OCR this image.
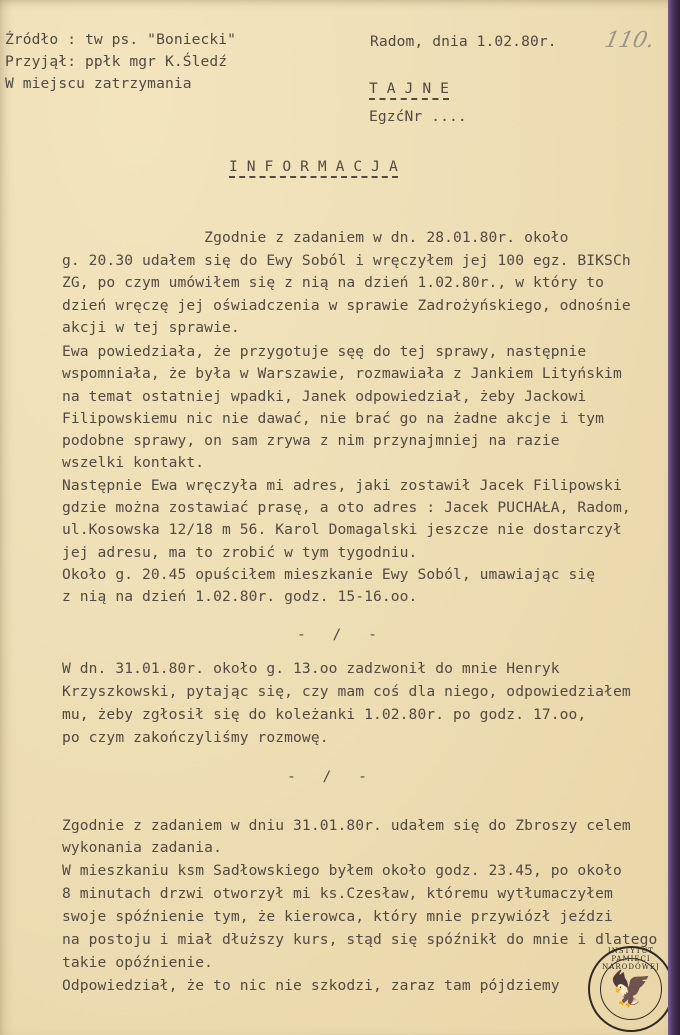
Źródło : tw ps. "Boniecki"
Przyjął: ppłk mgr K.Śledź
W miejscu zatrzymania
Radom, dnia 1.02.80r. 110.
T A J N E
EgzćNr ....
I N F O R M A C J A
Zgodnie z zadaniem w dn. 28.01.80r. około
g. 20.30 udałem się do Ewy Soból i wręczyłem jej 100 egz. BIKSCh
ZG, po czym umówiłem się z nią na dzień 1.02.80r., w który to
dzień wręczę jej oświadczenia w sprawie Zadrożyńskiego, odnośnie
akcji w tej sprawie.
Ewa powiedziała, że przygotuje sęę do tej sprawy, następnie
wspomniała, że była w Warszawie, rozmawiała z Jankiem Lityńskim
na temat ostatniej wpadki, Janek odpowiedział, żeby Jackowi
Filipowskiemu nic nie dawać, nie brać go na żadne akcje i tym
podobne sprawy, on sam zrywa z nim przynajmniej na razie
wszelki kontakt.
Następnie Ewa wręczyła mi adres, jaki zostawił Jacek Filipowski
gdzie można zostawiać prasę, a oto adres : Jacek PUCHAŁA, Radom,
ul.Kosowska 12/18 m 56. Karol Domagalski jeszcze nie dostarczył
jej adresu, ma to zrobić w tym tygodniu.
Około g. 20.45 opuściłem mieszkanie Ewy Soból, umawiając się
z nią na dzień 1.02.80r. godz. 15-16.oo.
-   /   -
W dn. 31.01.80r. około g. 13.oo zadzwonił do mnie Henryk
Krzyszkowski, pytając się, czy mam coś dla niego, odpowiedziałem
mu, żeby zgłosił się do koleżanki 1.02.80r. po godz. 17.oo,
po czym zakończyliśmy rozmowę.
-   /   -
Zgodnie z zadaniem w dniu 31.01.80r. udałem się do Zbroszy celem
wykonania zadania.
W mieszkaniu ksm Sadłowskiego byłem około godz. 23.45, po około
8 minutach drzwi otworzył mi ks.Czesław, któremu wytłumaczyłem
swoje spóźnienie tym, że kierowca, który mnie przywiózł jeździ
na postoju i miał dłuższy kurs, stąd się spóźnikł do mnie i dlatego
takie opóźnienie.
Odpowiedział, że to nic nie szkodzi, zaraz tam pójdziemy
INSTYTUT PAMIĘCI NARODOWEJ
🦅
